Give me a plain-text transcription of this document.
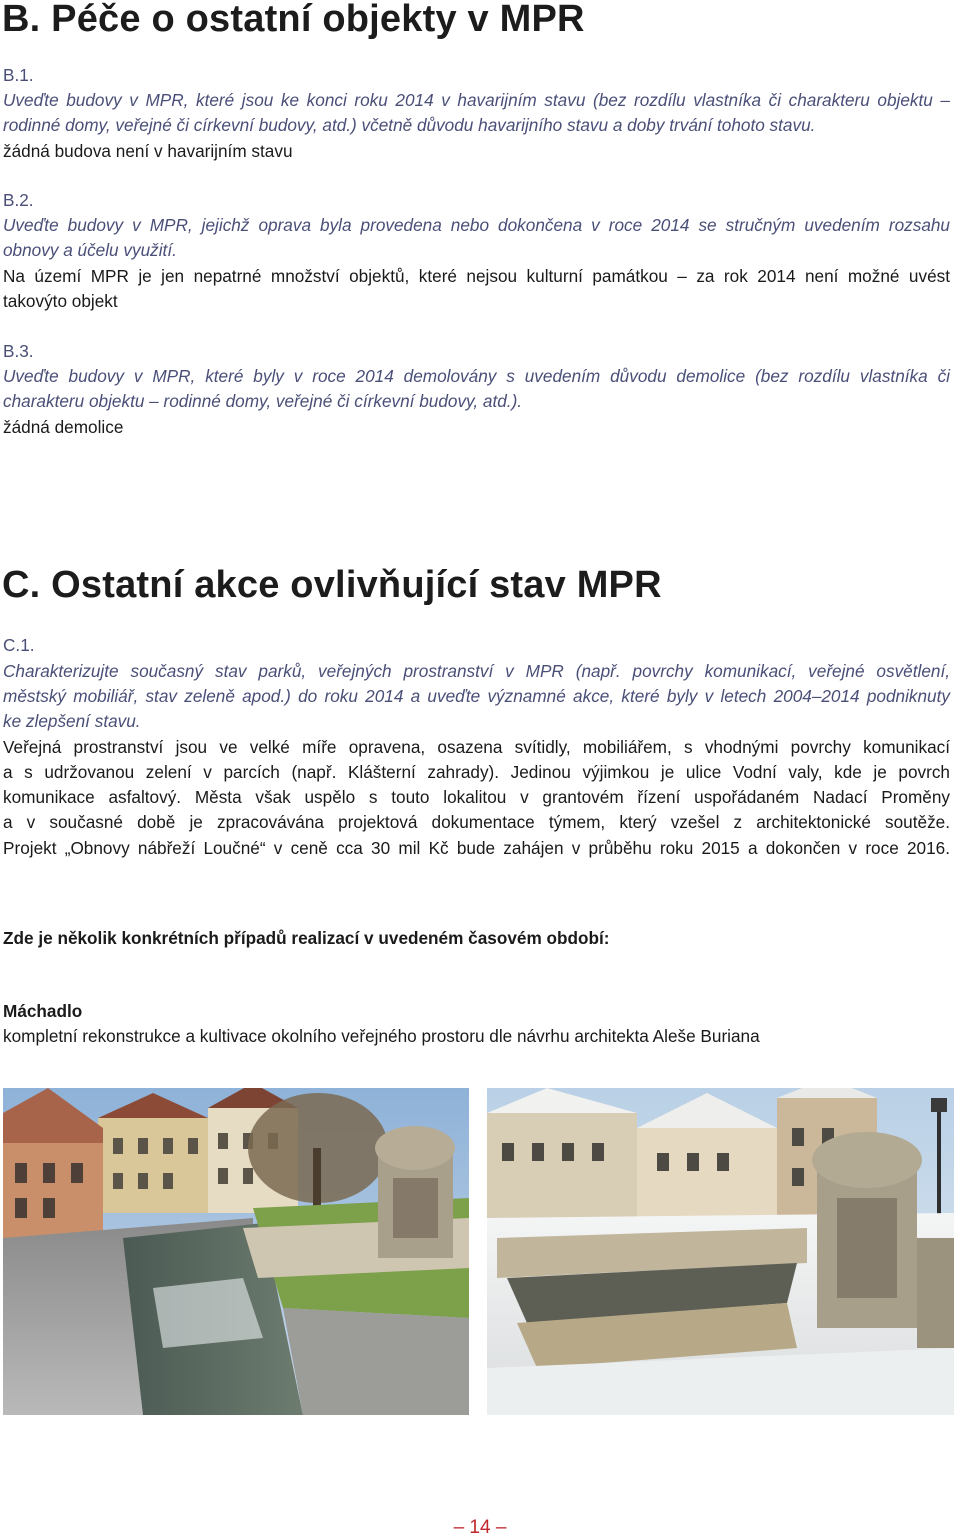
B. Péče o ostatní objekty v MPR
B.1.
Uveďte budovy v MPR, které jsou ke konci roku 2014 v havarijním stavu (bez rozdílu vlastníka či charakteru objektu –
rodinné domy, veřejné či církevní budovy, atd.) včetně důvodu havarijního stavu a doby trvání tohoto stavu.
žádná budova není v havarijním stavu
B.2.
Uveďte budovy v MPR, jejichž oprava byla provedena nebo dokončena v roce 2014 se stručným uvedením rozsahu
obnovy a účelu využití.
Na území MPR je jen nepatrné množství objektů, které nejsou kulturní památkou – za rok 2014 není možné uvést
takovýto objekt
B.3.
Uveďte budovy v MPR, které byly v roce 2014 demolovány s uvedením důvodu demolice (bez rozdílu vlastníka či
charakteru objektu – rodinné domy, veřejné či církevní budovy, atd.).
žádná demolice
C. Ostatní akce ovlivňující stav MPR
C.1.
Charakterizujte současný stav parků, veřejných prostranství v MPR (např. povrchy komunikací, veřejné osvětlení,
městský mobiliář, stav zeleně apod.) do roku 2014 a uveďte významné akce, které byly v letech 2004–2014 podniknuty
ke zlepšení stavu.
Veřejná prostranství jsou ve velké míře opravena, osazena svítidly, mobiliářem, s vhodnými povrchy komunikací
a s udržovanou zelení v parcích (např. Klášterní zahrady). Jedinou výjimkou je ulice Vodní valy, kde je povrch
komunikace asfaltový. Města však uspělo s touto lokalitou v grantovém řízení uspořádaném Nadací Proměny
a v současné době je zpracovávána projektová dokumentace týmem, který vzešel z architektonické soutěže.
Projekt „Obnovy nábřeží Loučné“ v ceně cca 30 mil Kč bude zahájen v průběhu roku 2015 a dokončen v roce 2016.
Zde je několik konkrétních případů realizací v uvedeném časovém období:
Máchadlo
kompletní rekonstrukce a kultivace okolního veřejného prostoru dle návrhu architekta Aleše Buriana
– 14 –
